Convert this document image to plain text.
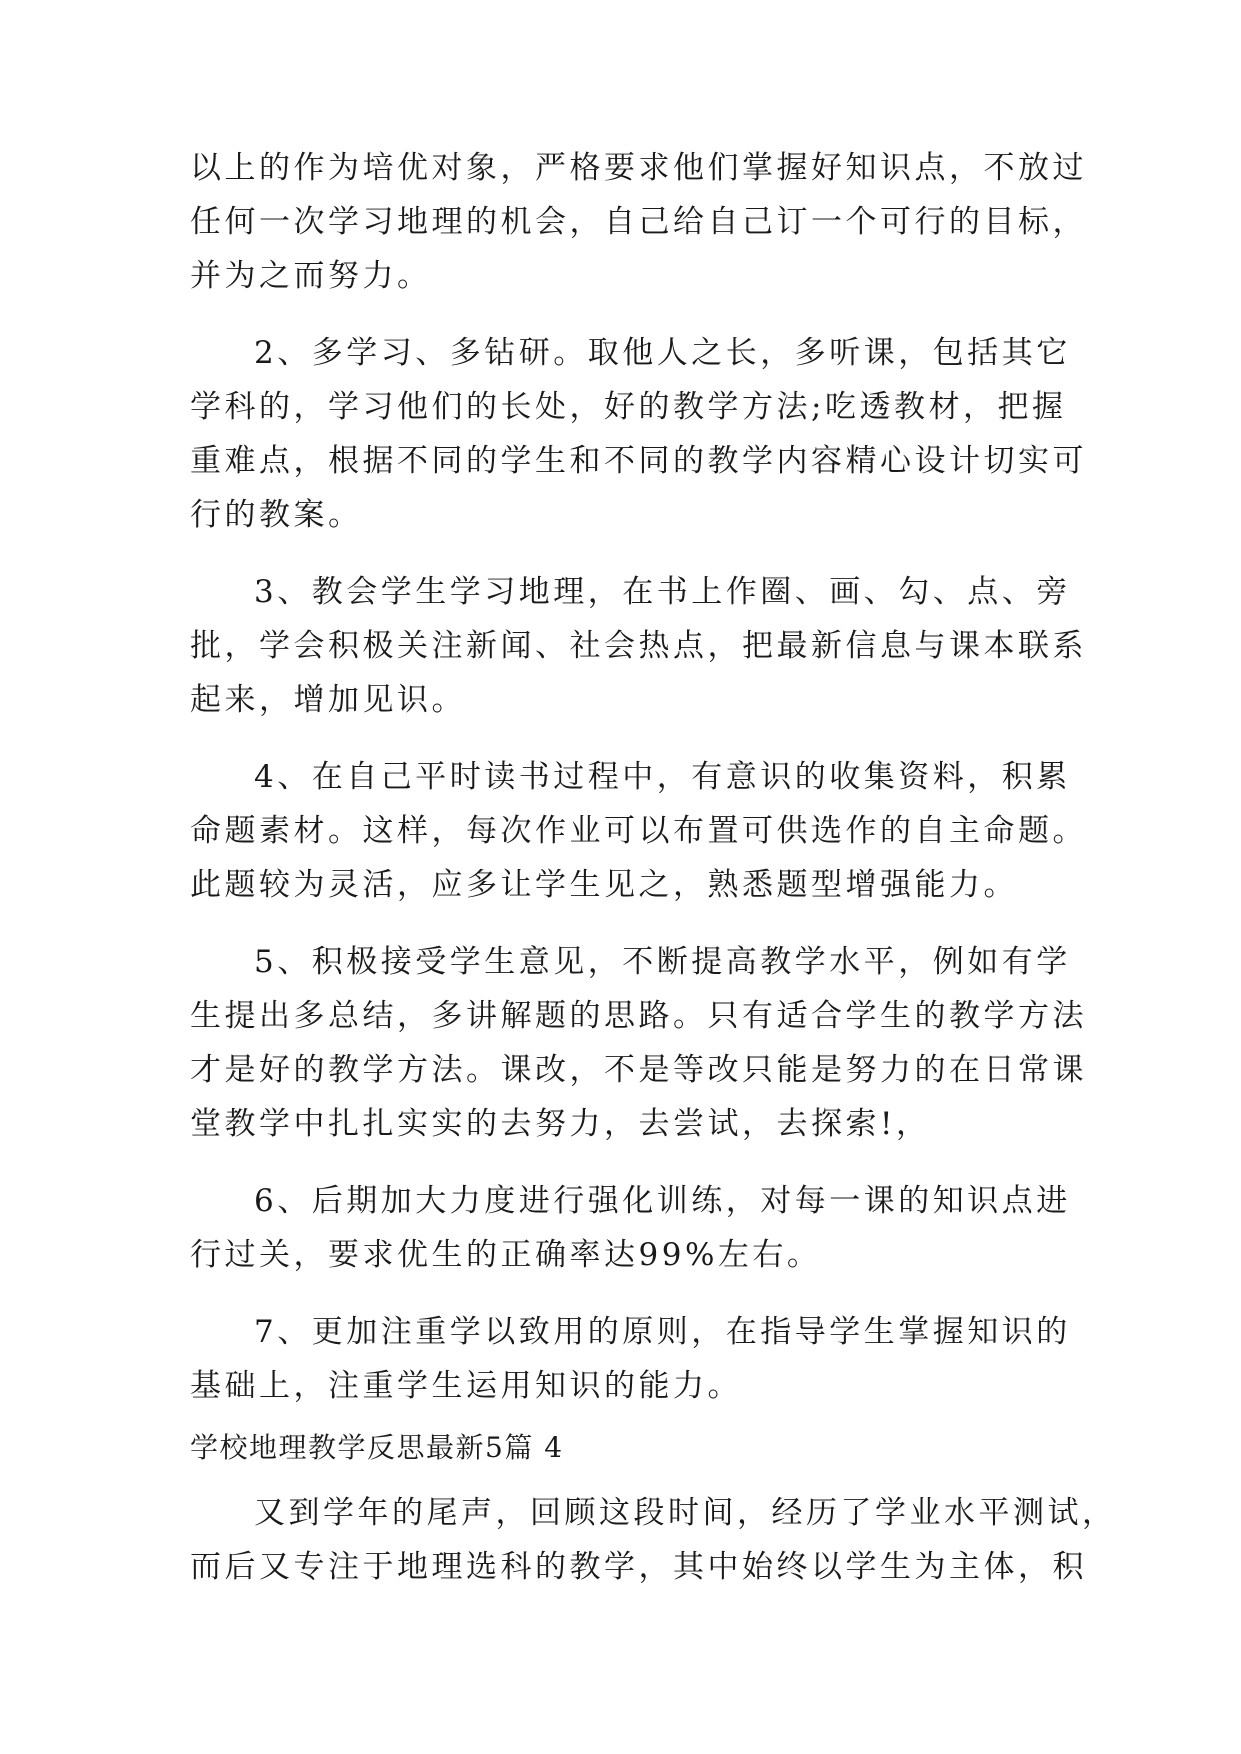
以上的作为培优对象，严格要求他们掌握好知识点，不放过
任何一次学习地理的机会，自己给自己订一个可行的目标，
并为之而努力。
2、多学习、多钻研。取他人之长，多听课，包括其它
学科的，学习他们的长处，好的教学方法;吃透教材，把握
重难点，根据不同的学生和不同的教学内容精心设计切实可
行的教案。
3、教会学生学习地理，在书上作圈、画、勾、点、旁
批，学会积极关注新闻、社会热点，把最新信息与课本联系
起来，增加见识。
4、在自己平时读书过程中，有意识的收集资料，积累
命题素材。这样，每次作业可以布置可供选作的自主命题。
此题较为灵活，应多让学生见之，熟悉题型增强能力。
5、积极接受学生意见，不断提高教学水平，例如有学
生提出多总结，多讲解题的思路。只有适合学生的教学方法
才是好的教学方法。课改，不是等改只能是努力的在日常课
堂教学中扎扎实实的去努力，去尝试，去探索!，
6、后期加大力度进行强化训练，对每一课的知识点进
行过关，要求优生的正确率达99%左右。
7、更加注重学以致用的原则，在指导学生掌握知识的
基础上，注重学生运用知识的能力。
学校地理教学反思最新5篇 4
又到学年的尾声，回顾这段时间，经历了学业水平测试，
而后又专注于地理选科的教学，其中始终以学生为主体，积
